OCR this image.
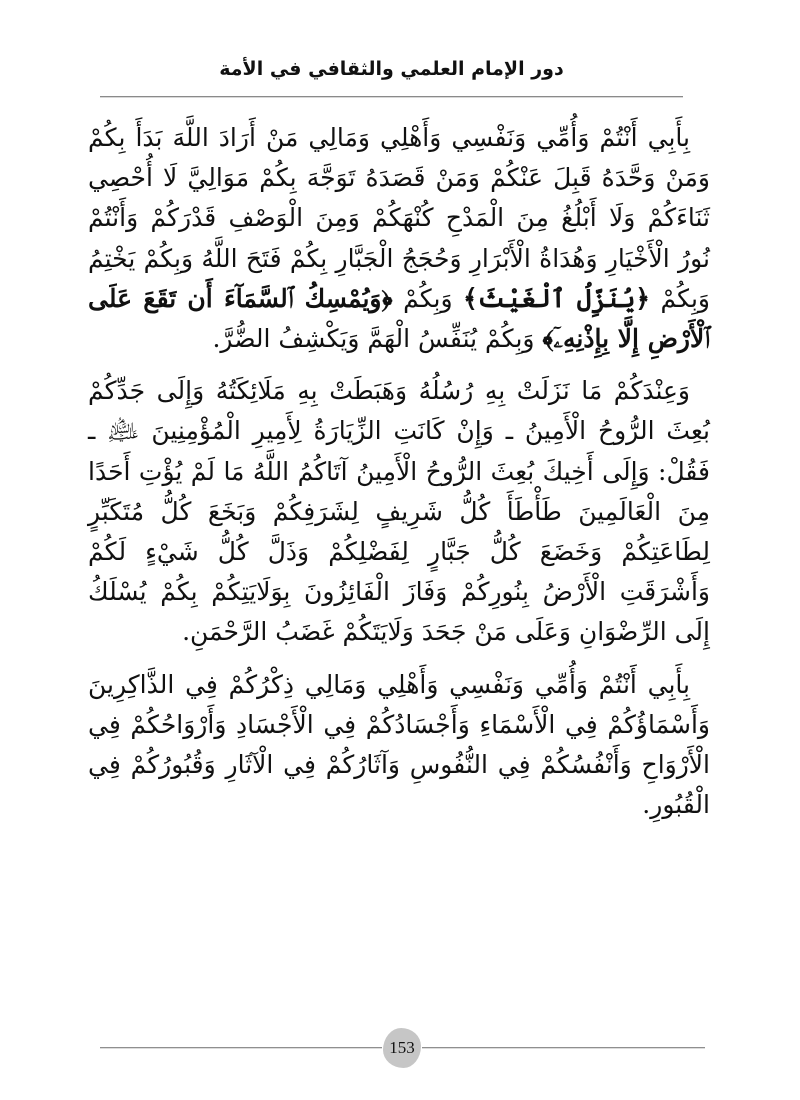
دور الإمام العلمي والثقافي في الأمة

بِأَبِي أَنْتُمْ وَأُمِّي وَنَفْسِي وَأَهْلِي وَمَالِي مَنْ أَرَادَ اللَّهَ بَدَأَ بِكُمْ وَمَنْ وَحَّدَهُ قَبِلَ عَنْكُمْ وَمَنْ قَصَدَهُ تَوَجَّهَ بِكُمْ مَوَالِيَّ لَا أُحْصِي ثَنَاءَكُمْ وَلَا أَبْلُغُ مِنَ الْمَدْحِ كُنْهَكُمْ وَمِنَ الْوَصْفِ قَدْرَكُمْ وَأَنْتُمْ نُورُ الْأَخْيَارِ وَهُدَاةُ الْأَبْرَارِ وَحُجَجُ الْجَبَّارِ بِكُمْ فَتَحَ اللَّهُ وَبِكُمْ يَخْتِمُ وَبِكُمْ ﴿يُنَزِّلُ ٱلْغَيْثَ﴾ وَبِكُمْ ﴿وَيُمْسِكُ ٱلسَّمَآءَ أَن تَقَعَ عَلَى ٱلْأَرْضِ إِلَّا بِإِذْنِهِۦٓ﴾ وَبِكُمْ يُنَفِّسُ الْهَمَّ وَيَكْشِفُ الضُّرَّ.

وَعِنْدَكُمْ مَا نَزَلَتْ بِهِ رُسُلُهُ وَهَبَطَتْ بِهِ مَلَائِكَتُهُ وَإِلَى جَدِّكُمْ بُعِثَ الرُّوحُ الْأَمِينُ ـ وَإِنْ كَانَتِ الزِّيَارَةُ لِأَمِيرِ الْمُؤْمِنِينَ ﵇ ـ فَقُلْ: وَإِلَى أَخِيكَ بُعِثَ الرُّوحُ الْأَمِينُ آتَاكُمُ اللَّهُ مَا لَمْ يُؤْتِ أَحَدًا مِنَ الْعَالَمِينَ طَأْطَأَ كُلُّ شَرِيفٍ لِشَرَفِكُمْ وَبَخَعَ كُلُّ مُتَكَبِّرٍ لِطَاعَتِكُمْ وَخَضَعَ كُلُّ جَبَّارٍ لِفَضْلِكُمْ وَذَلَّ كُلُّ شَيْءٍ لَكُمْ وَأَشْرَقَتِ الْأَرْضُ بِنُورِكُمْ وَفَازَ الْفَائِزُونَ بِوَلَايَتِكُمْ بِكُمْ يُسْلَكُ إِلَى الرِّضْوَانِ وَعَلَى مَنْ جَحَدَ وَلَايَتَكُمْ غَضَبُ الرَّحْمَنِ.

بِأَبِي أَنْتُمْ وَأُمِّي وَنَفْسِي وَأَهْلِي وَمَالِي ذِكْرُكُمْ فِي الذَّاكِرِينَ وَأَسْمَاؤُكُمْ فِي الْأَسْمَاءِ وَأَجْسَادُكُمْ فِي الْأَجْسَادِ وَأَرْوَاحُكُمْ فِي الْأَرْوَاحِ وَأَنْفُسُكُمْ فِي النُّفُوسِ وَآثَارُكُمْ فِي الْآثَارِ وَقُبُورُكُمْ فِي الْقُبُورِ.

153
